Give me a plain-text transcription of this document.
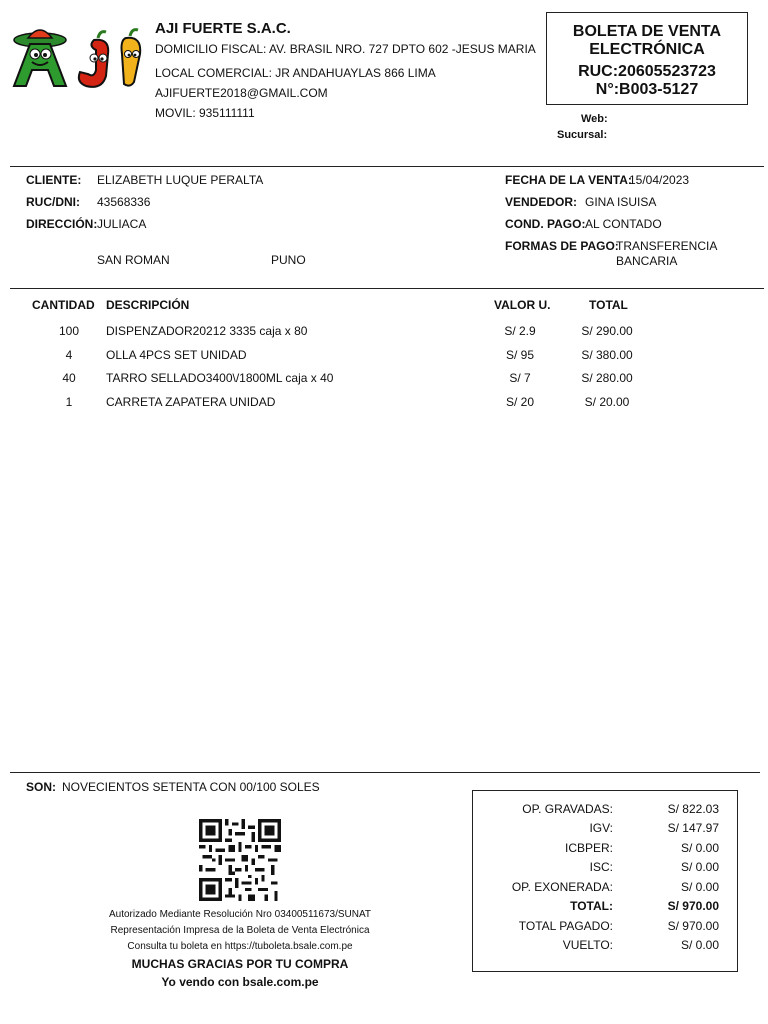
AJI FUERTE S.A.C.
DOMICILIO FISCAL: AV. BRASIL NRO. 727 DPTO 602 -JESUS MARIA
LOCAL COMERCIAL: JR ANDAHUAYLAS 866 LIMA
AJIFUERTE2018@GMAIL.COM
MOVIL: 935111111
BOLETA DE VENTA
ELECTRÓNICA
RUC:20605523723
N°:B003-5127
Web:
Sucursal:
CLIENTE: ELIZABETH LUQUE PERALTA
RUC/DNI: 43568336
DIRECCIÓN: JULIACA
SAN ROMAN	PUNO
FECHA DE LA VENTA:
15/04/2023
VENDEDOR: GINA ISUISA
COND. PAGO: AL CONTADO
FORMAS DE PAGO:
TRANSFERENCIA
BANCARIA
CANTIDAD DESCRIPCIÓN	VALOR U.	TOTAL
100	DISPENZADOR20212 3335 caja x 80	S/ 2.9	S/ 290.00
4	OLLA 4PCS SET UNIDAD	S/ 95	S/ 380.00
40	TARRO SELLADO3400\/1800ML caja x 40	S/ 7	S/ 280.00
1	CARRETA ZAPATERA UNIDAD	S/ 20	S/ 20.00
SON: NOVECIENTOS SETENTA CON 00/100 SOLES
Autorizado Mediante Resolución Nro 03400511673/SUNAT
Representación Impresa de la Boleta de Venta Electrónica
Consulta tu boleta en https://tuboleta.bsale.com.pe
MUCHAS GRACIAS POR TU COMPRA
Yo vendo con bsale.com.pe
OP. GRAVADAS:	S/ 822.03
IGV:	S/ 147.97
ICBPER:	S/ 0.00
ISC:	S/ 0.00
OP. EXONERADA:	S/ 0.00
TOTAL:	S/ 970.00
TOTAL PAGADO:	S/ 970.00
VUELTO:	S/ 0.00
